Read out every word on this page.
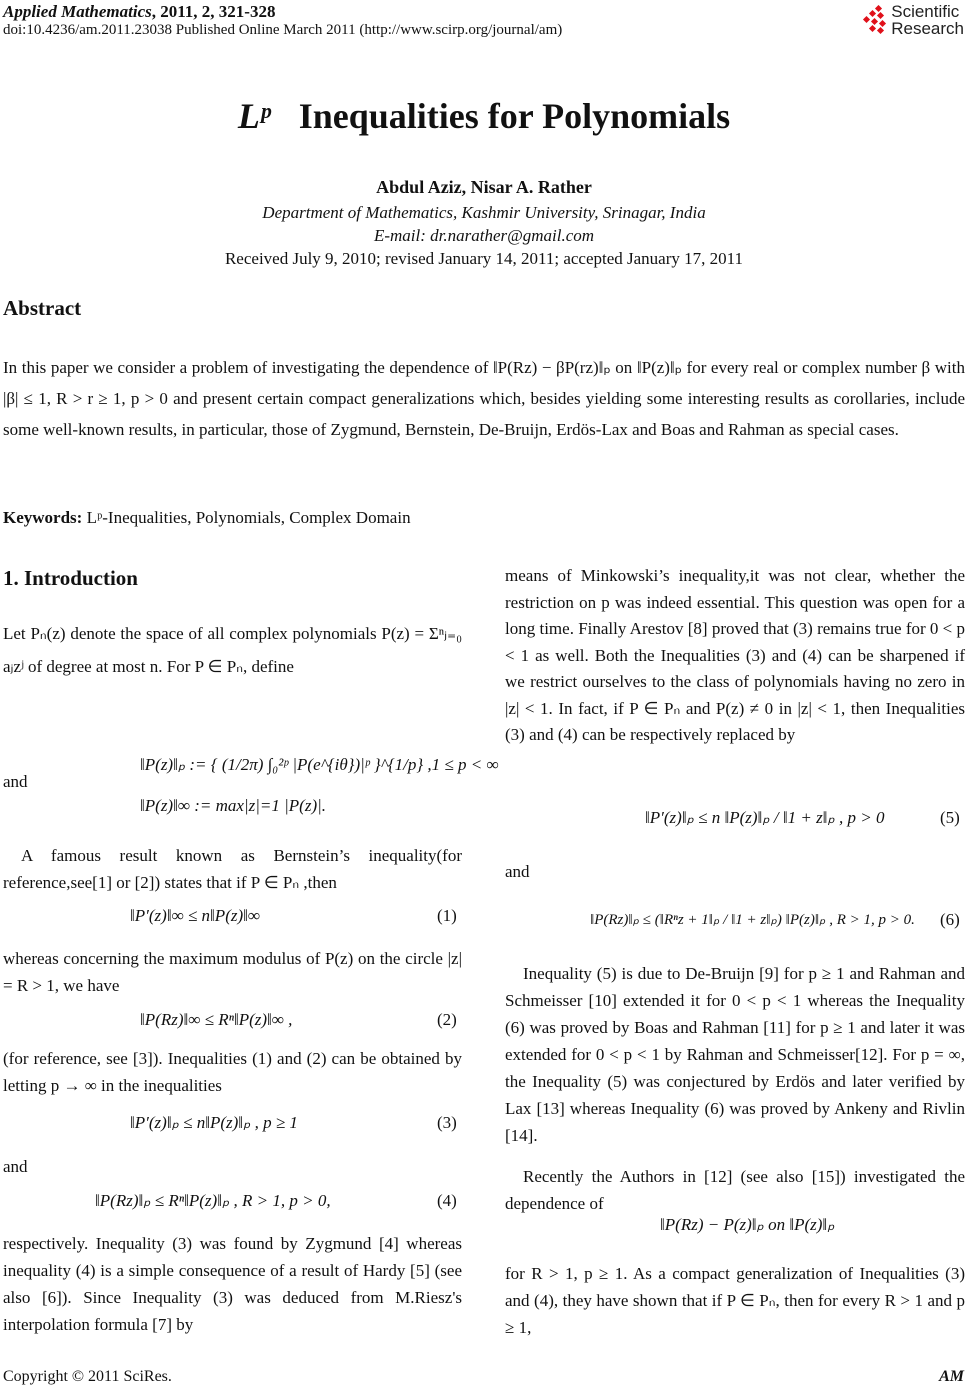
Applied Mathematics, 2011, 2, 321-328
doi:10.4236/am.2011.23038 Published Online March 2011 (http://www.scirp.org/journal/am)
Scientific
Research
Lᵖ Inequalities for Polynomials
Abdul Aziz, Nisar A. Rather
Department of Mathematics, Kashmir University, Srinagar, India
E-mail: dr.narather@gmail.com
Received July 9, 2010; revised January 14, 2011; accepted January 17, 2011
Abstract

In this paper we consider a problem of investigating the dependence of ‖P(Rz) − βP(rz)‖ₚ on ‖P(z)‖ₚ for every real or complex number β with |β| ≤ 1, R > r ≥ 1, p > 0 and present certain compact generalizations which, besides yielding some interesting results as corollaries, include some well-known results, in particular, those of Zygmund, Bernstein, De-Bruijn, Erdös-Lax and Boas and Rahman as special cases.

Keywords: Lᵖ-Inequalities, Polynomials, Complex Domain
1. Introduction

Let Pₙ(z) denote the space of all complex polynomials P(z) = Σⁿⱼ₌₀ aⱼzʲ of degree at most n. For P ∈ Pₙ, define

‖P(z)‖ₚ := { (1/2π) ∫₀²ᵖ |P(e^{iθ})|ᵖ }^{1/p} ,1 ≤ p < ∞
and
‖P(z)‖∞ := max|z|=1 |P(z)|.

A famous result known as Bernstein’s inequality(for reference,see[1] or [2]) states that if P ∈ Pₙ ,then

‖P′(z)‖∞ ≤ n‖P(z)‖∞	(1)

whereas concerning the maximum modulus of P(z) on the circle |z| = R > 1, we have

‖P(Rz)‖∞ ≤ Rⁿ‖P(z)‖∞ ,	(2)

(for reference, see [3]). Inequalities (1) and (2) can be obtained by letting p → ∞ in the inequalities

‖P′(z)‖ₚ ≤ n‖P(z)‖ₚ , p ≥ 1	(3)
and
‖P(Rz)‖ₚ ≤ Rⁿ‖P(z)‖ₚ , R > 1, p > 0,	(4)

respectively. Inequality (3) was found by Zygmund [4] whereas inequality (4) is a simple consequence of a result of Hardy [5] (see also [6]). Since Inequality (3) was deduced from M.Riesz's interpolation formula [7] by

means of Minkowski’s inequality,it was not clear, whether the restriction on p was indeed essential. This question was open for a long time. Finally Arestov [8] proved that (3) remains true for 0 < p < 1 as well. Both the Inequalities (3) and (4) can be sharpened if we restrict ourselves to the class of polynomials having no zero in |z| < 1. In fact, if P ∈ Pₙ and P(z) ≠ 0 in |z| < 1, then Inequalities (3) and (4) can be respectively replaced by

‖P′(z)‖ₚ ≤ n ‖P(z)‖ₚ / ‖1 + z‖ₚ , p > 0	(5)
and
‖P(Rz)‖ₚ ≤ (‖Rⁿz + 1‖ₚ / ‖1 + z‖ₚ) ‖P(z)‖ₚ , R > 1, p > 0. (6)

Inequality (5) is due to De-Bruijn [9] for p ≥ 1 and Rahman and Schmeisser [10] extended it for 0 < p < 1 whereas the Inequality (6) was proved by Boas and Rahman [11] for p ≥ 1 and later it was extended for 0 < p < 1 by Rahman and Schmeisser[12]. For p = ∞, the Inequality (5) was conjectured by Erdös and later verified by Lax [13] whereas Inequality (6) was proved by Ankeny and Rivlin [14].

Recently the Authors in [12] (see also [15]) investigated the dependence of

‖P(Rz) − P(z)‖ₚ on ‖P(z)‖ₚ

for R > 1, p ≥ 1. As a compact generalization of Inequalities (3) and (4), they have shown that if P ∈ Pₙ, then for every R > 1 and p ≥ 1,

Copyright © 2011 SciRes.	AM
